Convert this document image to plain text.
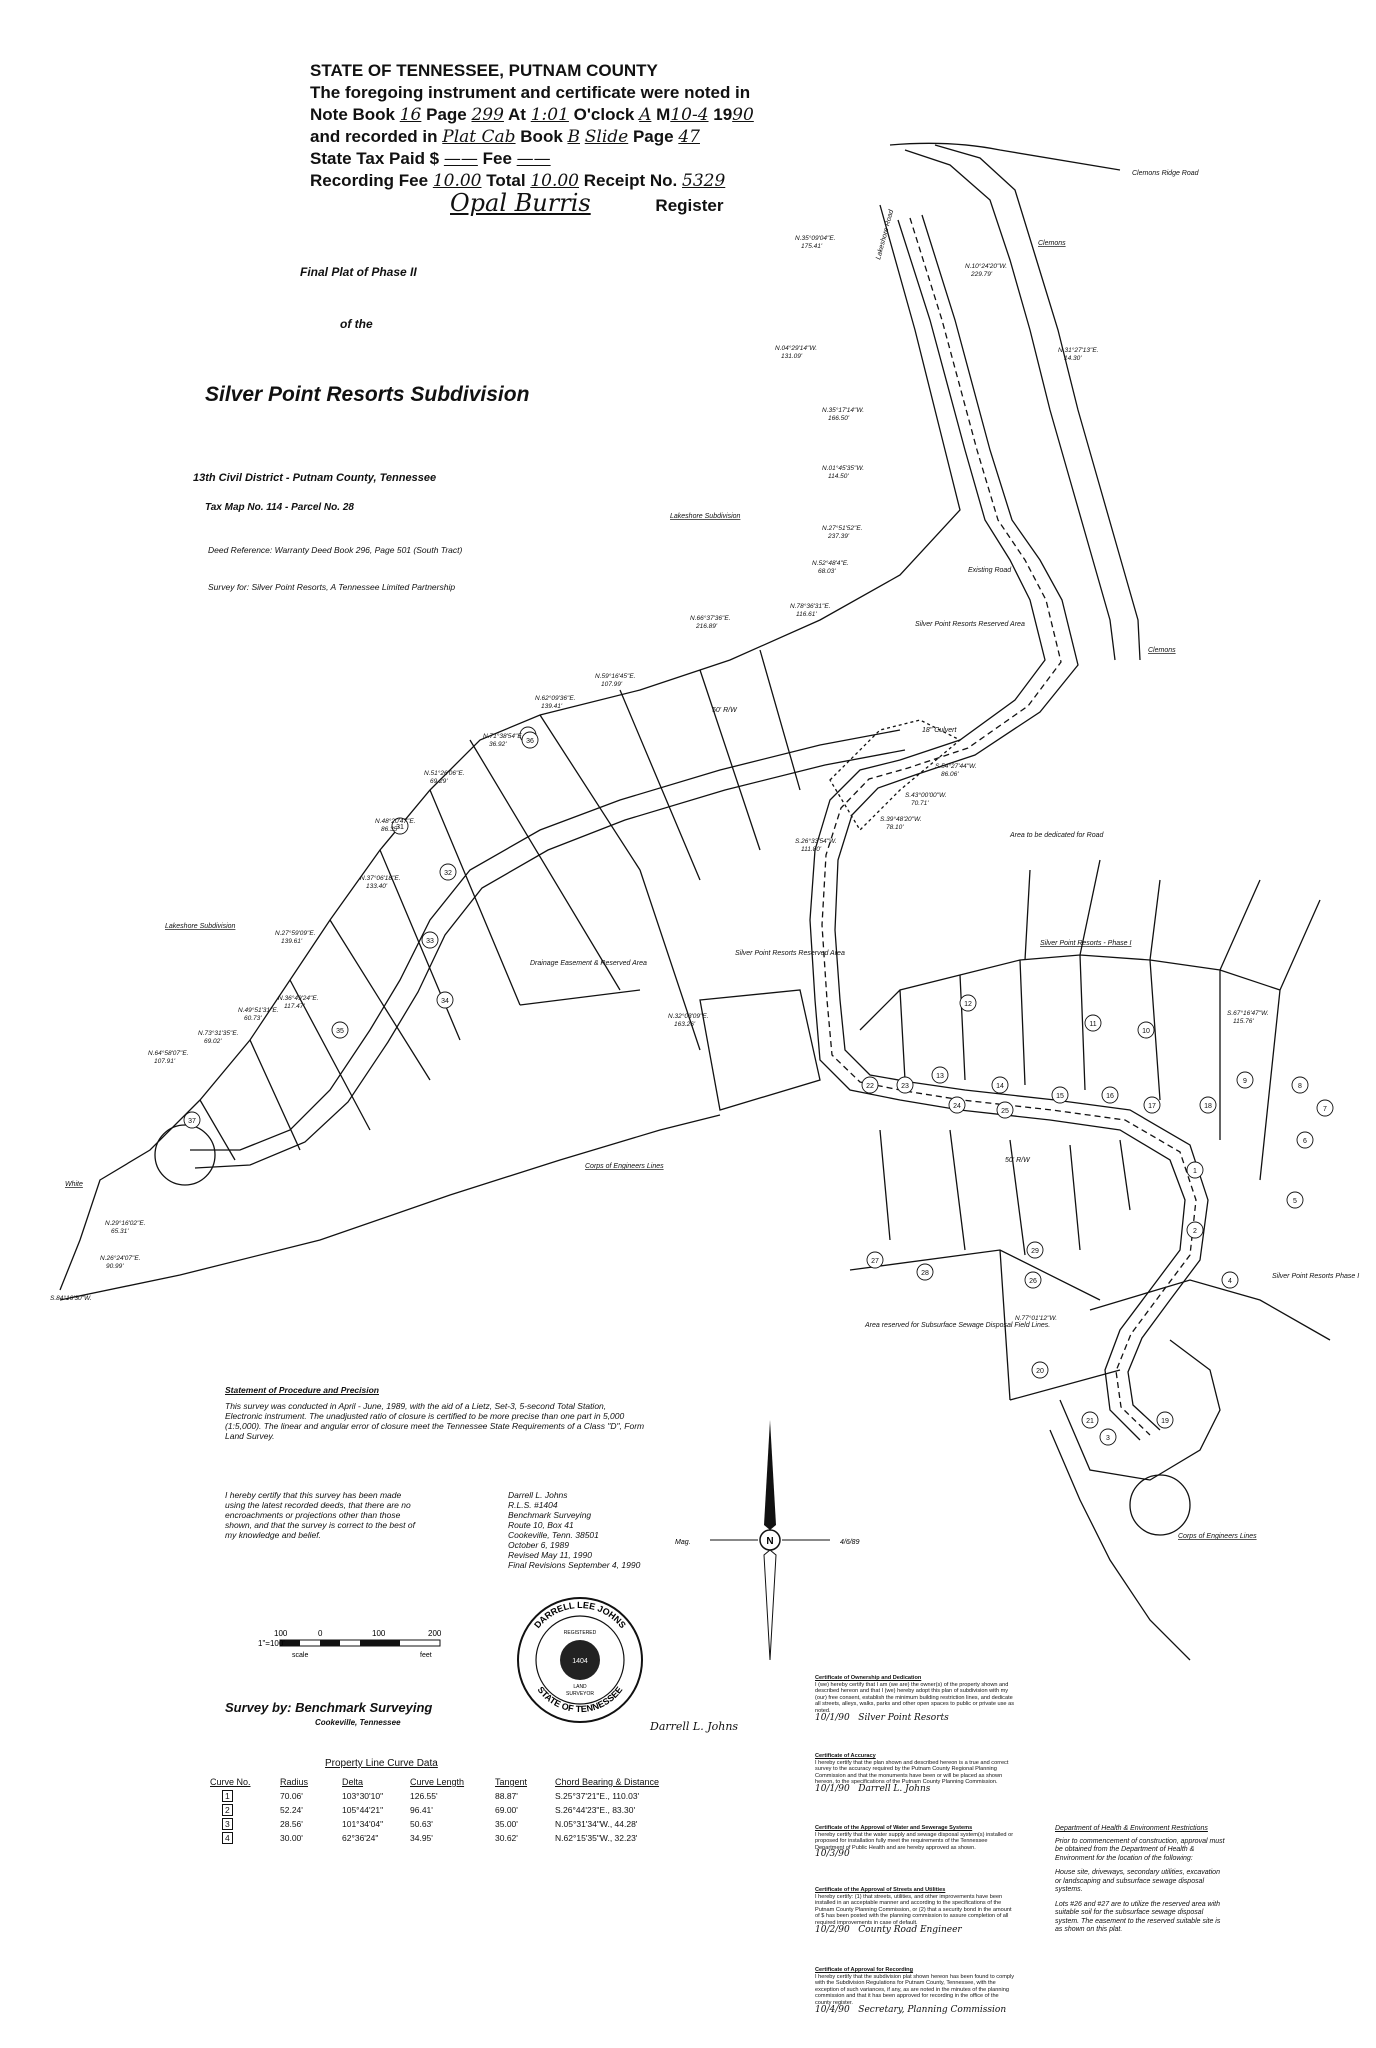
STATE OF TENNESSEE, PUTNAM COUNTY
The foregoing instrument and certificate were noted in
Note Book 16 Page 299 At 1:01 O'clock A M10-4 1990
and recorded in Plat Cab Book B Slide Page 47
State Tax Paid $ —— Fee ——
Recording Fee 10.00 Total 10.00 Receipt No. 5329
Opal Burris	Register
Final Plat of Phase II
of the
Silver Point Resorts Subdivision
13th Civil District - Putnam County, Tennessee
Tax Map No. 114 - Parcel No. 28
Deed Reference: Warranty Deed Book 296, Page 501 (South Tract)
Survey for: Silver Point Resorts, A Tennessee Limited Partnership
31
32
33
34
35
36
37
22	23
24
25
26
27
28
29
12
13
14
15	16
17	18
19
20
21
11
10
9
8
7
6
5
4
2
1
3
Clemons Ridge Road
Clemons
Clemons
Lakeshore Subdivision
Lakeshore Subdivision
Existing Road
Silver Point Resorts Reserved Area
Silver Point Resorts Reserved Area
Area to be dedicated for Road
Silver Point Resorts - Phase I
Silver Point Resorts Phase I
Corps of Engineers Lines
Corps of Engineers Lines
Drainage Easement & Reserved Area
Area reserved for Subsurface Sewage Disposal Field Lines.
18" Culvert
50' R/W
50' R/W
White
Lakeshore Road
N.35°09'04"E. 175.41'
N.10°24'20"W. 229.79'
N.31°27'13"E. 14.30'
N.04°29'14"W. 131.09'
N.35°17'14"W. 166.50'
N.01°45'35"W. 114.50'
N.27°51'52"E. 237.39'
N.52°48'4"E. 68.03'
N.78°36'31"E. 116.61'
N.66°37'36"E. 216.89'
N.59°16'45"E. 107.99'
N.62°09'36"E. 139.41'
N.71°38'54"E. 36.92'
N.51°26'06"E. 69.29'
N.48°20'47"E. 86.35'
N.37°06'18"E. 133.40'
N.27°59'09"E. 139.61'
N.36°49'24"E. 117.47'
N.49°51'31"E. 60.73'
N.73°31'35"E. 69.02'
N.64°58'07"E. 107.91'
N.29°16'02"E. 65.31'
N.26°24'07"E. 90.99'
S.84°16'30"W.
S.54°27'44"W. 86.06'
S.43°00'00"W. 70.71'
S.39°48'20"W. 78.10'
S.26°33'54"W. 111.80'
N.32°03'09"E. 163.26'
S.67°16'47"W. 115.76'
N.77°01'12"W.
N
Mag.	4/6/89
1"=100'
100	0	100	200
scale	feet
DARRELL LEE JOHNS
STATE OF TENNESSEE
REGISTERED
LAND
SURVEYOR
1404
Statement of Procedure and Precision
This survey was conducted in April - June, 1989, with the aid of a Lietz, Set-3, 5-second Total Station, Electronic instrument. The unadjusted ratio of closure is certified to be more precise than one part in 5,000 (1:5,000). The linear and angular error of closure meet the Tennessee State Requirements of a Class "D", Form Land Survey.
I hereby certify that this survey has been made using the latest recorded deeds, that there are no encroachments or projections other than those shown, and that the survey is correct to the best of my knowledge and belief.
Darrell L. Johns
R.L.S. #1404
Benchmark Surveying
Route 10, Box 41
Cookeville, Tenn. 38501
October 6, 1989
Revised May 11, 1990
Final Revisions September 4, 1990
Survey by: Benchmark Surveying
Cookeville, Tennessee	Darrell L. Johns
Property Line Curve Data
Curve No.	Radius	Delta	Curve Length	Tangent	Chord Bearing & Distance
1	70.06'	103°30'10"	126.55'	88.87'	S.25°37'21"E., 110.03'
2	52.24'	105°44'21"	96.41'	69.00'	S.26°44'23"E., 83.30'
3	28.56'	101°34'04"	50.63'	35.00'	N.05°31'34"W., 44.28'
4	30.00'	62°36'24"	34.95'	30.62'	N.62°15'35"W., 32.23'
Certificate of Ownership and Dedication
I (we) hereby certify that I am (we are) the owner(s) of the property shown and described hereon and that I (we) hereby adopt this plan of subdivision with my (our) free consent, establish the minimum building restriction lines, and dedicate all streets, alleys, walks, parks and other open spaces to public or private use as noted.
10/1/90 Silver Point Resorts
Certificate of Accuracy
I hereby certify that the plan shown and described hereon is a true and correct survey to the accuracy required by the Putnam County Regional Planning Commission and that the monuments have been or will be placed as shown hereon, to the specifications of the Putnam County Planning Commission.
10/1/90 Darrell L. Johns
Certificate of the Approval of Water and Sewerage Systems
I hereby certify that the water supply and sewage disposal system(s) installed or proposed for installation fully meet the requirements of the Tennessee Department of Public Health and are hereby approved as shown.
10/3/90
Certificate of the Approval of Streets and Utilities
I hereby certify: (1) that streets, utilities, and other improvements have been installed in an acceptable manner and according to the specifications of the Putnam County Planning Commission, or (2) that a security bond in the amount of $ has been posted with the planning commission to assure completion of all required improvements in case of default.
10/2/90 County Road Engineer
Certificate of Approval for Recording
I hereby certify that the subdivision plat shown hereon has been found to comply with the Subdivision Regulations for Putnam County, Tennessee, with the exception of such variances, if any, as are noted in the minutes of the planning commission and that it has been approved for recording in the office of the county register.
10/4/90 Secretary, Planning Commission
Department of Health & Environment Restrictions
Prior to commencement of construction, approval must be obtained from the Department of Health & Environment for the location of the following:
House site, driveways, secondary utilities, excavation or landscaping and subsurface sewage disposal systems.
Lots #26 and #27 are to utilize the reserved area with suitable soil for the subsurface sewage disposal system. The easement to the reserved suitable site is as shown on this plat.
